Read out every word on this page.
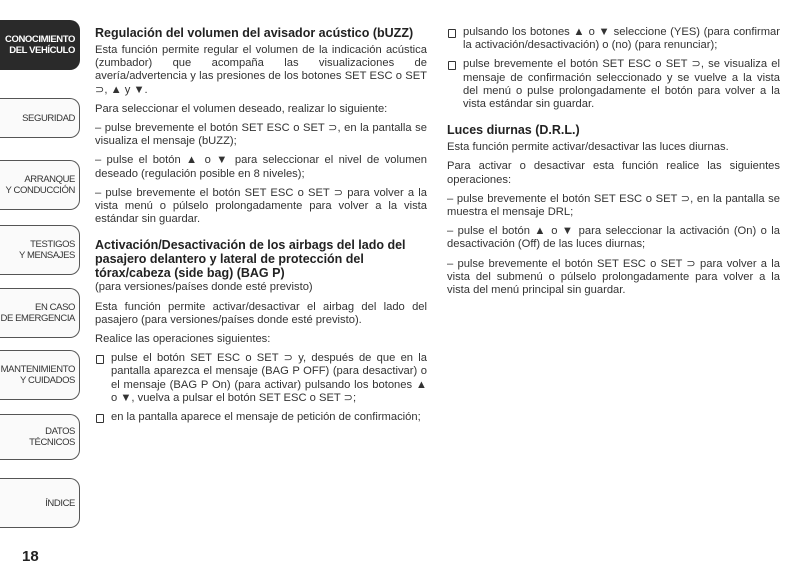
CONOCIMIENTO
DEL VEHÍCULO
SEGURIDAD
ARRANQUE
Y CONDUCCIÓN
TESTIGOS
Y MENSAJES
EN CASO
DE EMERGENCIA
MANTENIMIENTO
Y CUIDADOS
DATOS TÉCNICOS
ÍNDICE
18
Regulación del volumen del avisador acústico (bUZZ)

Esta función permite regular el volumen de la indicación acústica (zumbador) que acompaña las visualizaciones de avería/advertencia y las presiones de los botones SET ESC o SET ⊃, ▲ y ▼.

Para seleccionar el volumen deseado, realizar lo siguiente:

– pulse brevemente el botón SET ESC o SET ⊃, en la pantalla se visualiza el mensaje (bUZZ);

– pulse el botón ▲ o ▼ para seleccionar el nivel de volumen deseado (regulación posible en 8 niveles);

– pulse brevemente el botón SET ESC o SET ⊃ para volver a la vista menú o púlselo prolongadamente para volver a la vista estándar sin guardar.

Activación/Desactivación de los airbags del lado del pasajero delantero y lateral de protección del tórax/cabeza (side bag) (BAG P)

(para versiones/países donde esté previsto)

Esta función permite activar/desactivar el airbag del lado del pasajero (para versiones/países donde esté previsto).

Realice las operaciones siguientes:

pulse el botón SET ESC o SET ⊃ y, después de que en la pantalla aparezca el mensaje (BAG P OFF) (para desactivar) o el mensaje (BAG P On) (para activar) pulsando los botones ▲ o ▼, vuelva a pulsar el botón SET ESC o SET ⊃;

en la pantalla aparece el mensaje de petición de confirmación;

pulsando los botones ▲ o ▼ seleccione (YES) (para confirmar la activación/desactivación) o (no) (para renunciar);

pulse brevemente el botón SET ESC o SET ⊃, se visualiza el mensaje de confirmación seleccionado y se vuelve a la vista del menú o pulse prolongadamente el botón para volver a la vista estándar sin guardar.

Luces diurnas (D.R.L.)

Esta función permite activar/desactivar las luces diurnas.

Para activar o desactivar esta función realice las siguientes operaciones:

– pulse brevemente el botón SET ESC o SET ⊃, en la pantalla se muestra el mensaje DRL;

– pulse el botón ▲ o ▼ para seleccionar la activación (On) o la desactivación (Off) de las luces diurnas;

– pulse brevemente el botón SET ESC o SET ⊃ para volver a la vista del submenú o púlselo prolongadamente para volver a la vista del menú principal sin guardar.
